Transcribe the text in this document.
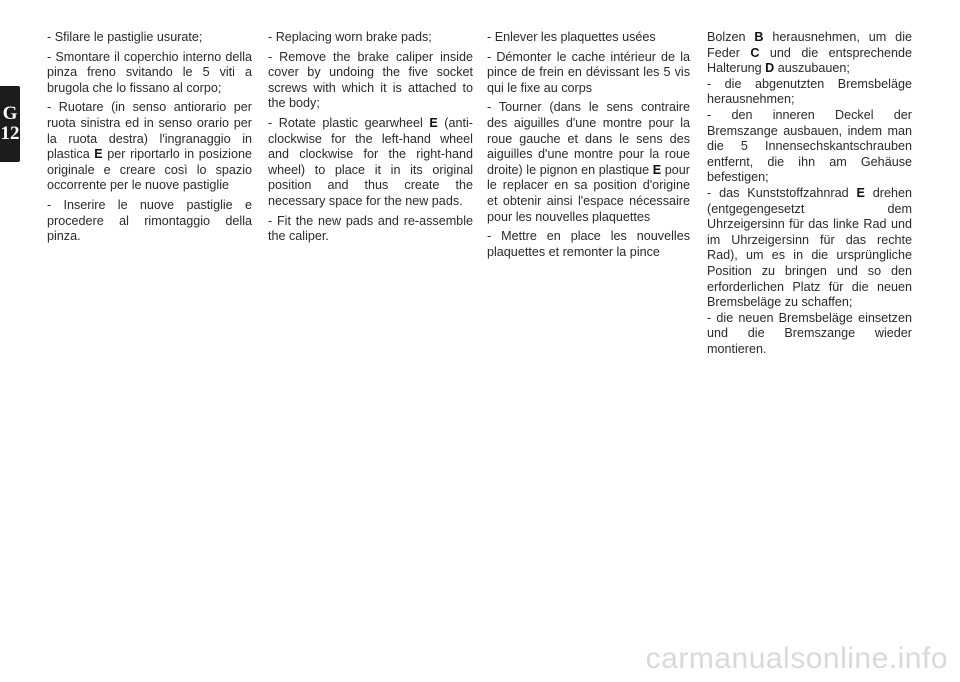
G
12

- Sfilare le pastiglie usurate;

- Smontare il coperchio interno della pinza freno svitando le 5 viti a brugola che lo fissano al corpo;

- Ruotare (in senso antiorario per ruota sinistra ed in senso orario per la ruota destra) l'ingranaggio in plastica E per riportarlo in posizione originale e creare così lo spazio occorrente per le nuove pastiglie

- Inserire le nuove pastiglie e procedere al rimontaggio della pinza.

- Replacing worn brake pads;

- Remove the brake caliper inside cover by undoing the five socket screws with which it is attached to the body;

- Rotate plastic gearwheel E (anti-clockwise for the left-hand wheel and clockwise for the right-hand wheel) to place it in its original position and thus create the necessary space for the new pads.

- Fit the new pads and re-assemble the caliper.

- Enlever les plaquettes usées

- Démonter le cache intérieur de la pince de frein en dévissant les 5 vis qui le fixe au corps

- Tourner (dans le sens contraire des aiguilles d'une montre pour la roue gauche et dans le sens des aiguilles d'une montre pour la roue droite) le pignon en plastique E pour le replacer en sa position d'origine et obtenir ainsi l'espace nécessaire pour les nouvelles plaquettes

- Mettre en place les nouvelles plaquettes et remonter la pince

Bolzen B herausnehmen, um die Feder C und die entsprechende Halterung D auszubauen;

- die abgenutzten Bremsbeläge herausnehmen;

- den inneren Deckel der Bremszange ausbauen, indem man die 5 Innensechskantschrauben entfernt, die ihn am Gehäuse befestigen;

- das Kunststoffzahnrad E drehen (entgegengesetzt dem Uhrzeigersinn für das linke Rad und im Uhrzeigersinn für das rechte Rad), um es in die ursprüngliche Position zu bringen und so den erforderlichen Platz für die neuen Bremsbeläge zu schaffen;

- die neuen Bremsbeläge einsetzen und die Bremszange wieder montieren.

carmanualsonline.info
